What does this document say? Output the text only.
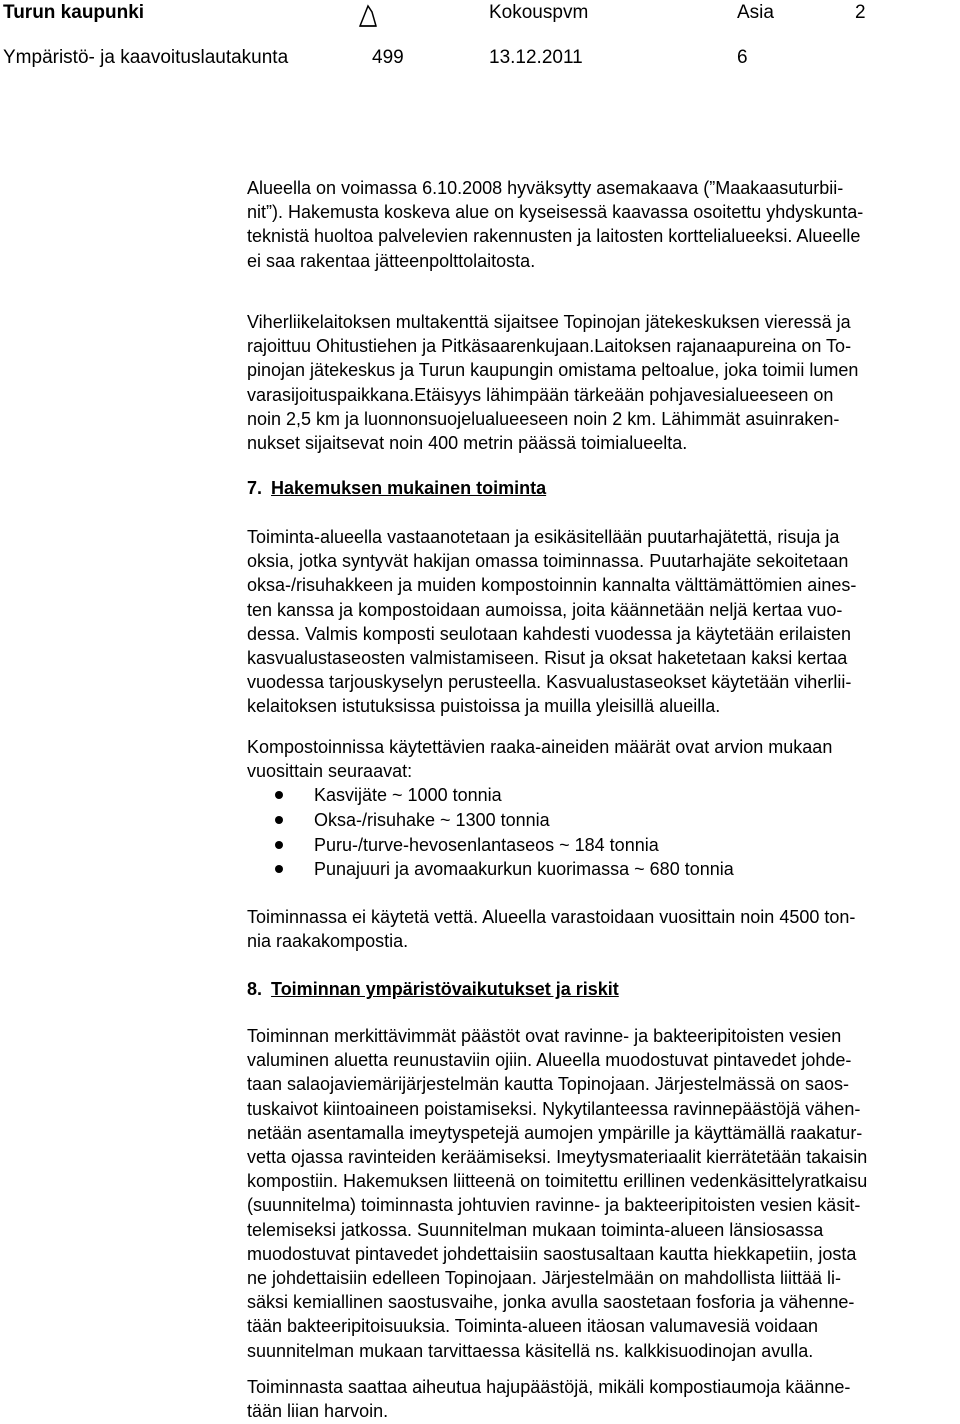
Turun kaupunki	Kokouspvm	Asia	2
Ympäristö- ja kaavoituslautakunta	499	13.12.2011	6
Alueella on voimassa 6.10.2008 hyväksytty asemakaava (”Maakaasuturbii-
nit”). Hakemusta koskeva alue on kyseisessä kaavassa osoitettu yhdyskunta-
teknistä huoltoa palvelevien rakennusten ja laitosten korttelialueeksi. Alueelle
ei saa rakentaa jätteenpolttolaitosta.
Viherliikelaitoksen multakenttä sijaitsee Topinojan jätekeskuksen vieressä ja
rajoittuu Ohitustiehen ja Pitkäsaarenkujaan.Laitoksen rajanaapureina on To-
pinojan jätekeskus ja Turun kaupungin omistama peltoalue, joka toimii lumen
varasijoituspaikkana.Etäisyys lähimpään tärkeään pohjavesialueeseen on
noin 2,5 km ja luonnonsuojelualueeseen noin 2 km. Lähimmät asuinraken-
nukset sijaitsevat noin 400 metrin päässä toimialueelta.
7. Hakemuksen mukainen toiminta
Toiminta-alueella vastaanotetaan ja esikäsitellään puutarhajätettä, risuja ja
oksia, jotka syntyvät hakijan omassa toiminnassa. Puutarhajäte sekoitetaan
oksa-/risuhakkeen ja muiden kompostoinnin kannalta välttämättömien aines-
ten kanssa ja kompostoidaan aumoissa, joita käännetään neljä kertaa vuo-
dessa. Valmis komposti seulotaan kahdesti vuodessa ja käytetään erilaisten
kasvualustaseosten valmistamiseen. Risut ja oksat haketetaan kaksi kertaa
vuodessa tarjouskyselyn perusteella. Kasvualustaseokset käytetään viherlii-
kelaitoksen istutuksissa puistoissa ja muilla yleisillä alueilla.
Kompostoinnissa käytettävien raaka-aineiden määrät ovat arvion mukaan
vuosittain seuraavat:
Kasvijäte ~ 1000 tonnia
Oksa-/risuhake ~ 1300 tonnia
Puru-/turve-hevosenlantaseos ~ 184 tonnia
Punajuuri ja avomaakurkun kuorimassa ~ 680 tonnia
Toiminnassa ei käytetä vettä. Alueella varastoidaan vuosittain noin 4500 ton-
nia raakakompostia.
8. Toiminnan ympäristövaikutukset ja riskit
Toiminnan merkittävimmät päästöt ovat ravinne- ja bakteeripitoisten vesien
valuminen aluetta reunustaviin ojiin. Alueella muodostuvat pintavedet johde-
taan salaojaviemärijärjestelmän kautta Topinojaan. Järjestelmässä on saos-
tuskaivot kiintoaineen poistamiseksi. Nykytilanteessa ravinnepäästöjä vähen-
netään asentamalla imeytyspetejä aumojen ympärille ja käyttämällä raakatur-
vetta ojassa ravinteiden keräämiseksi. Imeytysmateriaalit kierrätetään takaisin
kompostiin. Hakemuksen liitteenä on toimitettu erillinen vedenkäsittelyratkaisu
(suunnitelma) toiminnasta johtuvien ravinne- ja bakteeripitoisten vesien käsit-
telemiseksi jatkossa. Suunnitelman mukaan toiminta-alueen länsiosassa
muodostuvat pintavedet johdettaisiin saostusaltaan kautta hiekkapetiin, josta
ne johdettaisiin edelleen Topinojaan. Järjestelmään on mahdollista liittää li-
säksi kemiallinen saostusvaihe, jonka avulla saostetaan fosforia ja vähenne-
tään bakteeripitoisuuksia. Toiminta-alueen itäosan valumavesiä voidaan
suunnitelman mukaan tarvittaessa käsitellä ns. kalkkisuodinojan avulla.
Toiminnasta saattaa aiheutua hajupäästöjä, mikäli kompostiaumoja käänne-
tään liian harvoin.
